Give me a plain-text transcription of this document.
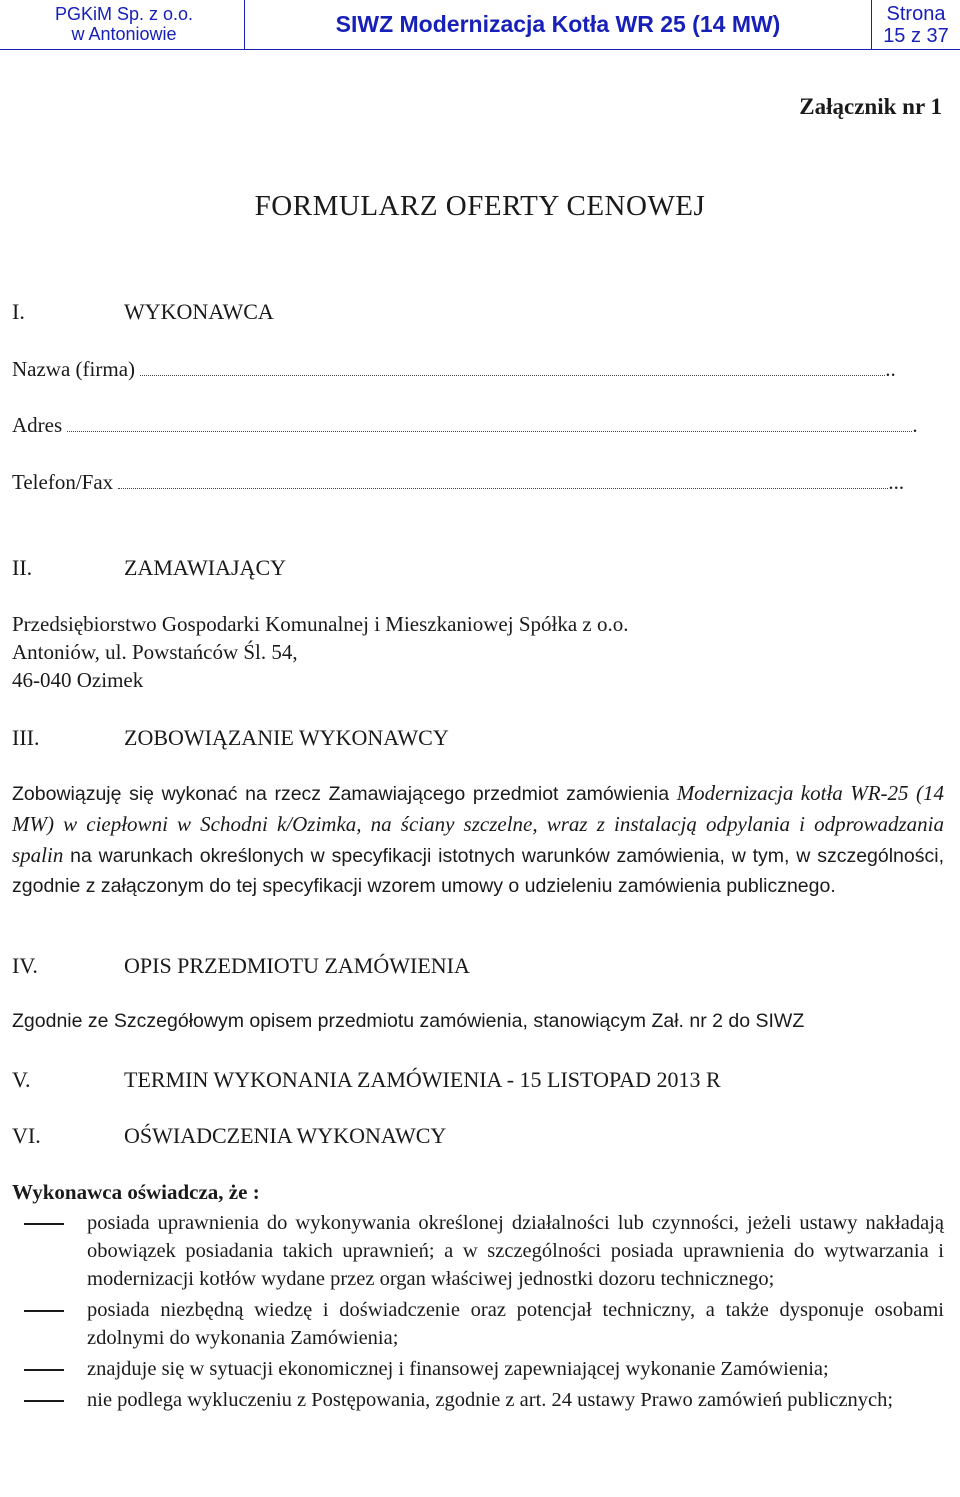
PGKiM Sp. z o.o.
w Antoniowie	SIWZ Modernizacja Kotła WR 25 (14 MW)	Strona
15 z 37
Załącznik nr 1
FORMULARZ OFERTY CENOWEJ
I.	WYKONAWCA
Nazwa (firma)	..
Adres	.
Telefon/Fax	...
II.	ZAMAWIAJĄCY
Przedsiębiorstwo Gospodarki Komunalnej i Mieszkaniowej Spółka z o.o.
Antoniów, ul. Powstańców Śl. 54,
46-040 Ozimek
III.	ZOBOWIĄZANIE WYKONAWCY
Zobowiązuję się wykonać na rzecz Zamawiającego przedmiot zamówienia Modernizacja kotła WR-25 (14 MW) w ciepłowni w Schodni k/Ozimka, na ściany szczelne, wraz z instalacją odpylania i odprowadzania spalin na warunkach określonych w specyfikacji istotnych warunków zamówienia, w tym, w szczególności, zgodnie z załączonym do tej specyfikacji wzorem umowy o udzieleniu zamówienia publicznego.
IV.	OPIS PRZEDMIOTU ZAMÓWIENIA
Zgodnie ze Szczegółowym opisem przedmiotu zamówienia, stanowiącym Zał. nr 2 do SIWZ
V.	TERMIN WYKONANIA ZAMÓWIENIA - 15 LISTOPAD 2013 R
VI.	OŚWIADCZENIA WYKONAWCY
Wykonawca oświadcza, że :
posiada uprawnienia do wykonywania określonej działalności lub czynności, jeżeli ustawy nakładają obowiązek posiadania takich uprawnień; a w szczególności posiada uprawnienia do wytwarzania i modernizacji kotłów wydane przez organ właściwej jednostki dozoru technicznego;
posiada niezbędną wiedzę i doświadczenie oraz potencjał techniczny, a także dysponuje osobami zdolnymi do wykonania Zamówienia;
znajduje się w sytuacji ekonomicznej i finansowej zapewniającej wykonanie Zamówienia;
nie podlega wykluczeniu z Postępowania, zgodnie z art. 24 ustawy Prawo zamówień publicznych;
